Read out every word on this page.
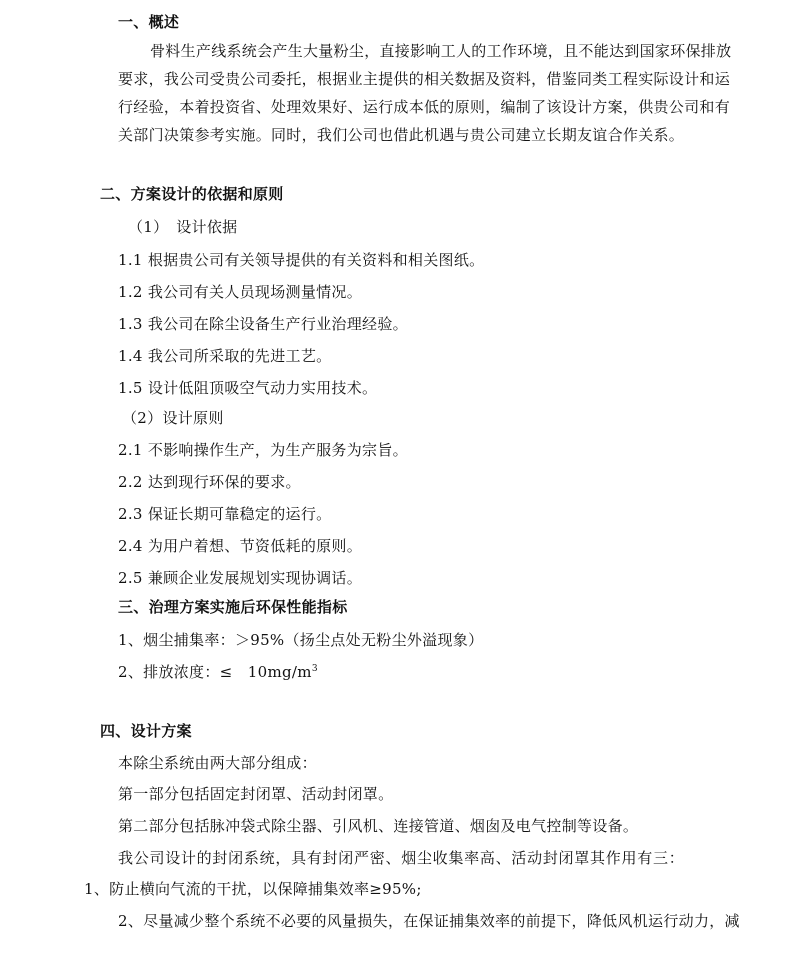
一、概述
骨料生产线系统会产生大量粉尘，直接影响工人的工作环境，且不能达到国家环保排放
要求，我公司受贵公司委托，根据业主提供的相关数据及资料，借鉴同类工程实际设计和运
行经验，本着投资省、处理效果好、运行成本低的原则，编制了该设计方案，供贵公司和有
关部门决策参考实施。同时，我们公司也借此机遇与贵公司建立长期友谊合作关系。
二、方案设计的依据和原则
（1）　设计依据
1.1 根据贵公司有关领导提供的有关资料和相关图纸。
1.2 我公司有关人员现场测量情况。
1.3 我公司在除尘设备生产行业治理经验。
1.4 我公司所采取的先进工艺。
1.5 设计低阻顶吸空气动力实用技术。
（2）设计原则
2.1 不影响操作生产，为生产服务为宗旨。
2.2 达到现行环保的要求。
2.3 保证长期可靠稳定的运行。
2.4 为用户着想、节资低耗的原则。
2.5 兼顾企业发展规划实现协调话。
三、治理方案实施后环保性能指标
1、烟尘捕集率：＞95%（扬尘点处无粉尘外溢现象）
2、排放浓度：≤　$10mg/m^3$
四、设计方案
本除尘系统由两大部分组成：
第一部分包括固定封闭罩、活动封闭罩。
第二部分包括脉冲袋式除尘器、引风机、连接管道、烟囱及电气控制等设备。
我公司设计的封闭系统，具有封闭严密、烟尘收集率高、活动封闭罩其作用有三：
1、防止横向气流的干扰，以保障捕集效率≥95%;
2、尽量减少整个系统不必要的风量损失，在保证捕集效率的前提下，降低风机运行动力，减
